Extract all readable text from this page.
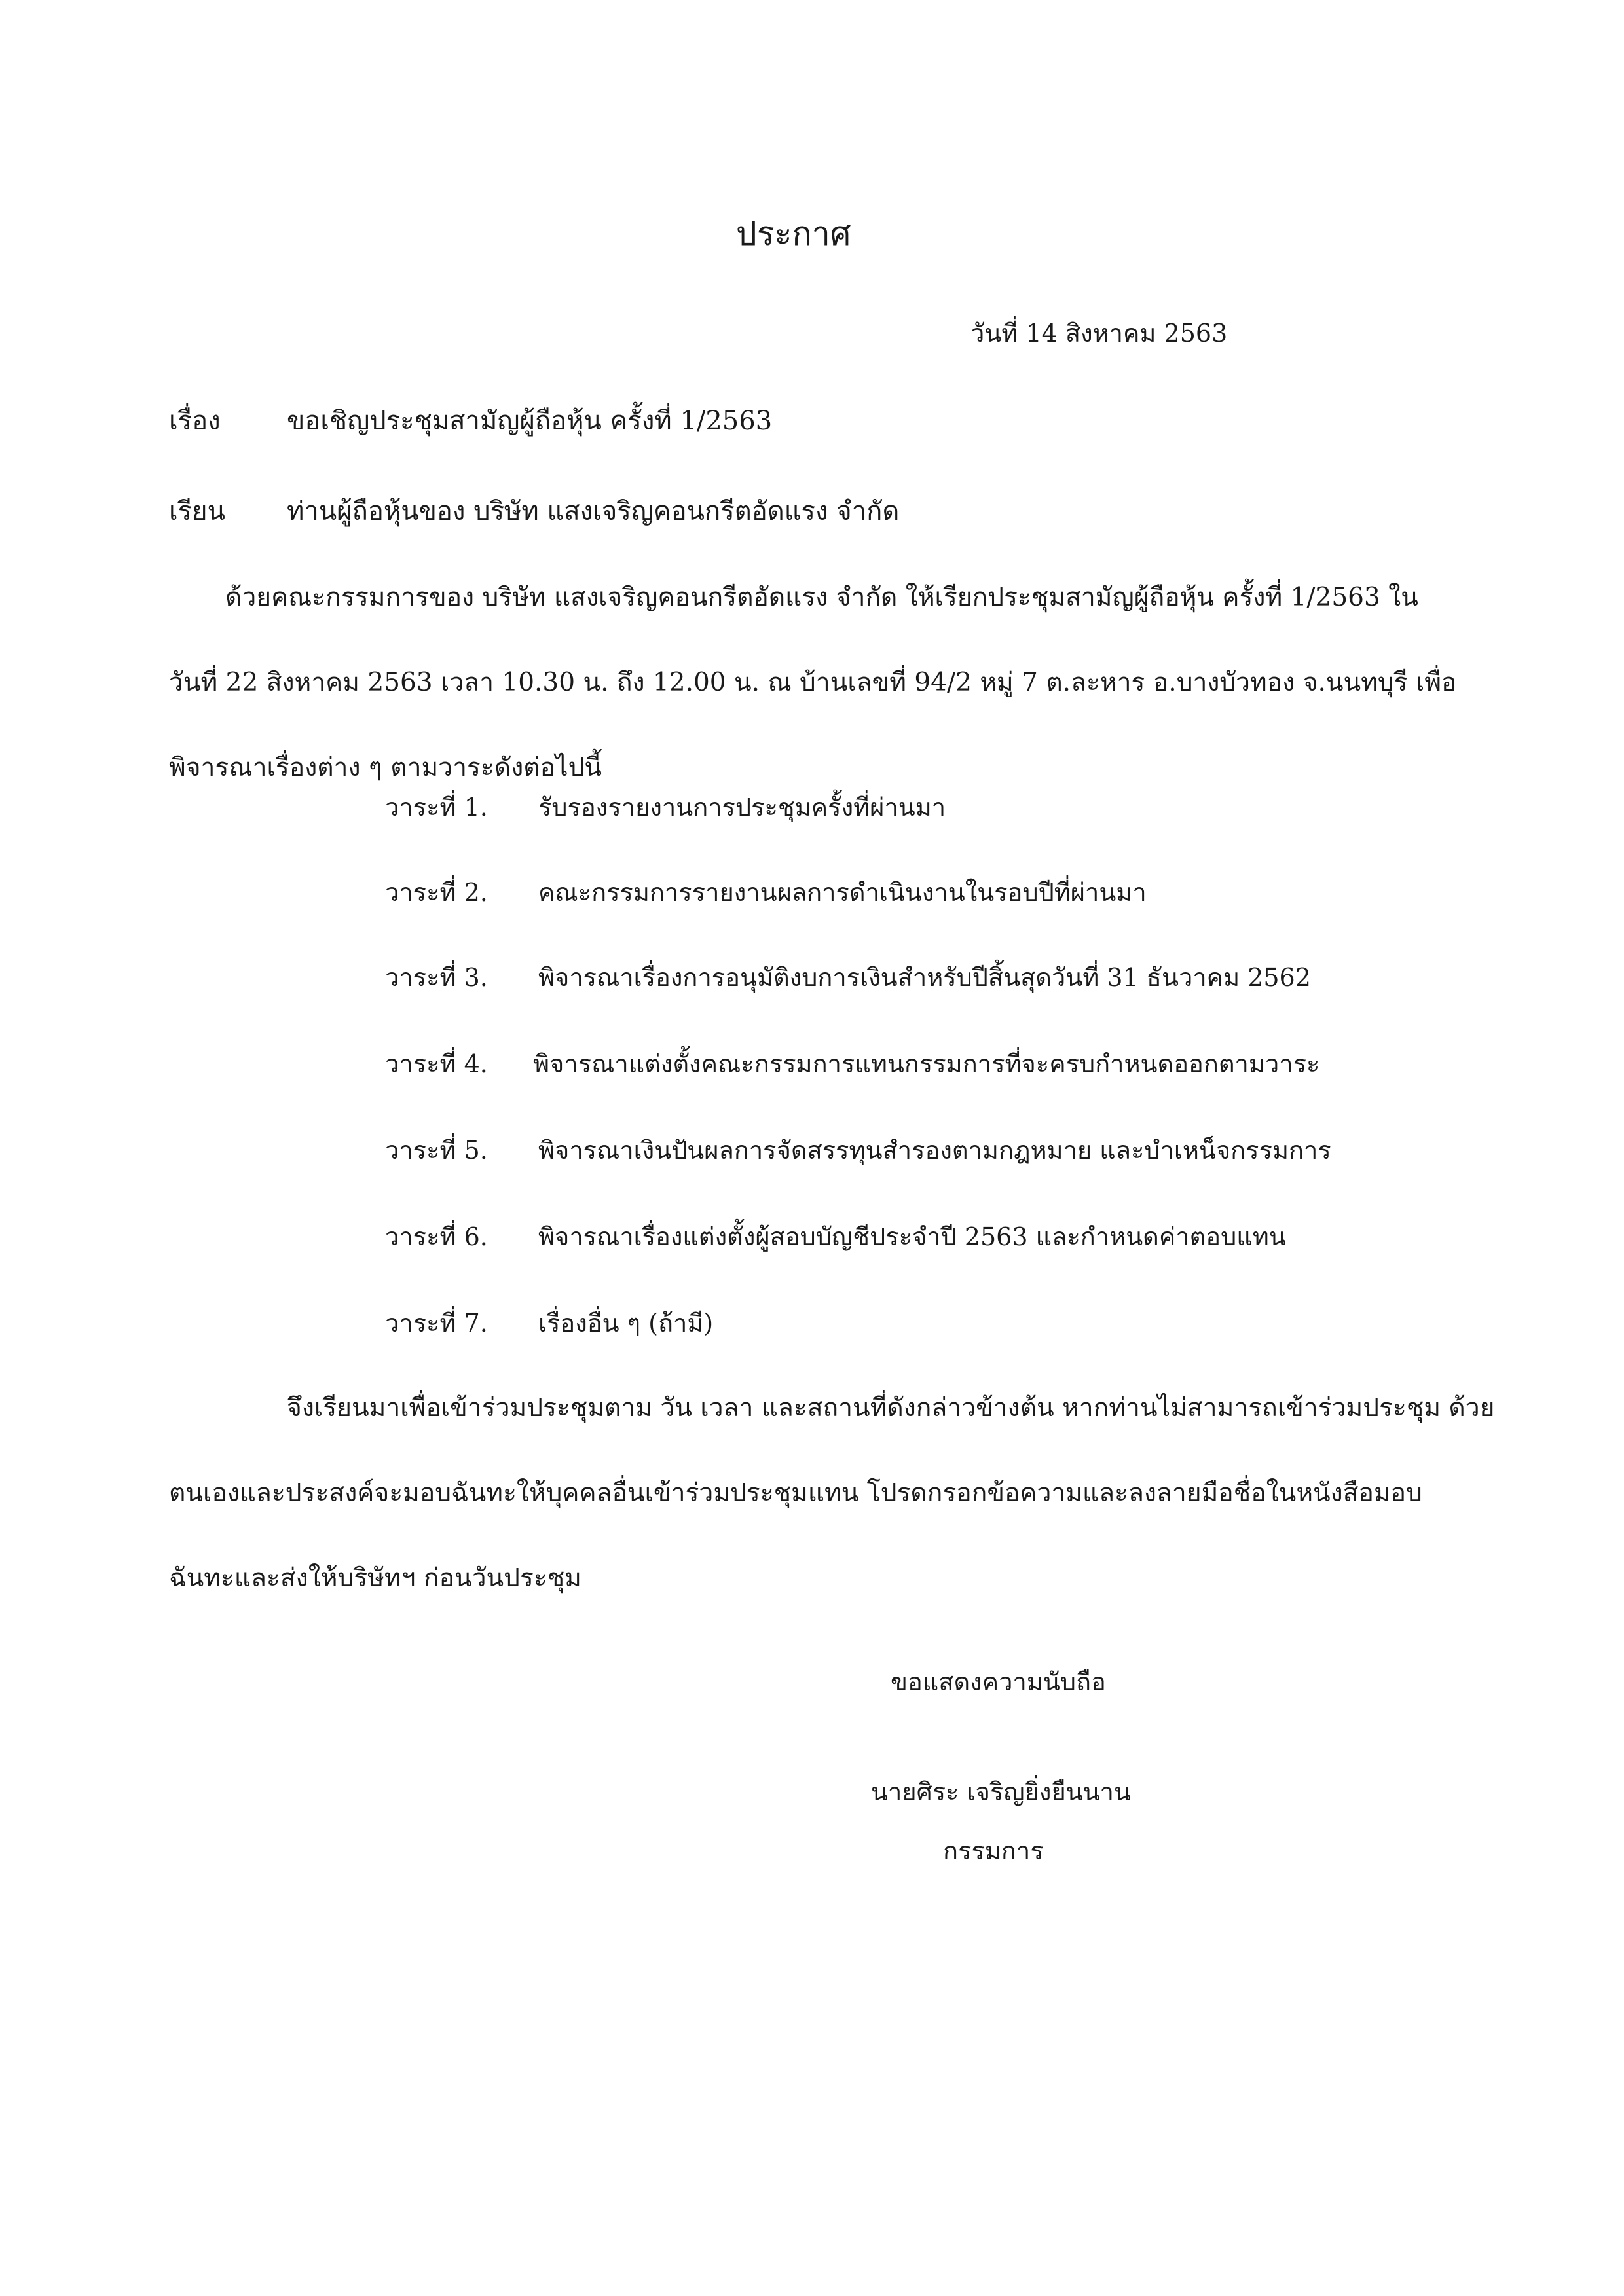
ประกาศ
วันที่ 14 สิงหาคม 2563
เรื่อง	ขอเชิญประชุมสามัญผู้ถือหุ้น ครั้งที่ 1/2563
เรียน ท่านผู้ถือหุ้นของ บริษัท แสงเจริญคอนกรีตอัดแรง จำกัด
ด้วยคณะกรรมการของ บริษัท แสงเจริญคอนกรีตอัดแรง จำกัด ให้เรียกประชุมสามัญผู้ถือหุ้น ครั้งที่ 1/2563 ใน
วันที่ 22 สิงหาคม 2563 เวลา 10.30 น. ถึง 12.00 น. ณ บ้านเลขที่ 94/2 หมู่ 7 ต.ละหาร อ.บางบัวทอง จ.นนทบุรี เพื่อ
พิจารณาเรื่องต่าง ๆ ตามวาระดังต่อไปนี้
วาระที่ 1. รับรองรายงานการประชุมครั้งที่ผ่านมา
วาระที่ 2. คณะกรรมการรายงานผลการดำเนินงานในรอบปีที่ผ่านมา
วาระที่ 3. พิจารณาเรื่องการอนุมัติงบการเงินสำหรับปีสิ้นสุดวันที่ 31 ธันวาคม 2562
วาระที่ 4. พิจารณาแต่งตั้งคณะกรรมการแทนกรรมการที่จะครบกำหนดออกตามวาระ
วาระที่ 5. พิจารณาเงินปันผลการจัดสรรทุนสำรองตามกฎหมาย และบำเหน็จกรรมการ
วาระที่ 6. พิจารณาเรื่องแต่งตั้งผู้สอบบัญชีประจำปี 2563 และกำหนดค่าตอบแทน
วาระที่ 7. เรื่องอื่น ๆ (ถ้ามี)
จึงเรียนมาเพื่อเข้าร่วมประชุมตาม วัน เวลา และสถานที่ดังกล่าวข้างต้น หากท่านไม่สามารถเข้าร่วมประชุม ด้วย
ตนเองและประสงค์จะมอบฉันทะให้บุคคลอื่นเข้าร่วมประชุมแทน โปรดกรอกข้อความและลงลายมือชื่อในหนังสือมอบ
ฉันทะและส่งให้บริษัทฯ ก่อนวันประชุม
ขอแสดงความนับถือ
นายศิระ เจริญยิ่งยืนนาน
กรรมการ
